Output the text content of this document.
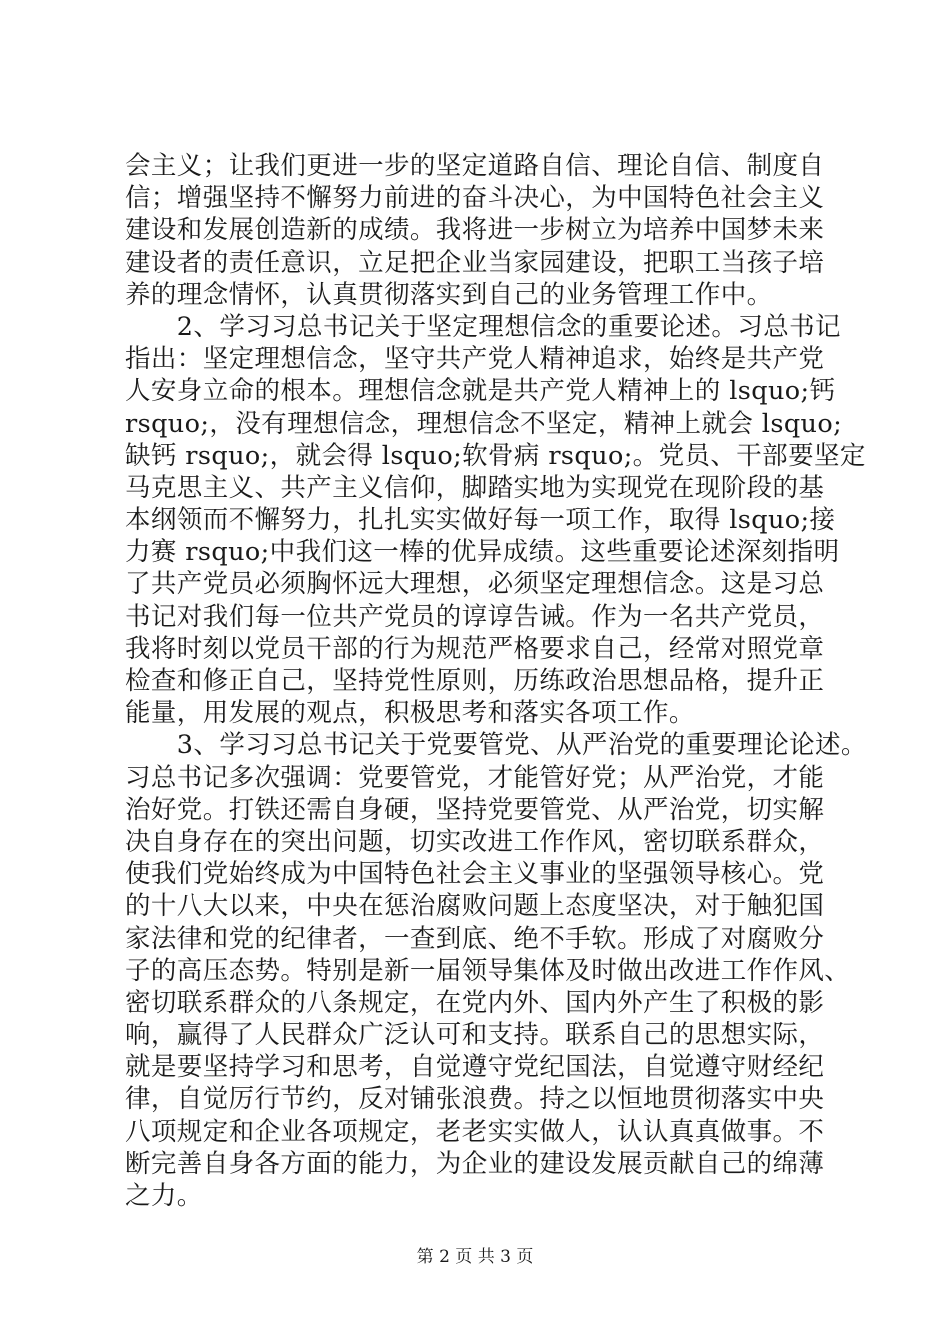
会主义；让我们更进一步的坚定道路自信、理论自信、制度自
信；增强坚持不懈努力前进的奋斗决心，为中国特色社会主义
建设和发展创造新的成绩。我将进一步树立为培养中国梦未来
建设者的责任意识，立足把企业当家园建设，把职工当孩子培
养的理念情怀，认真贯彻落实到自己的业务管理工作中。
　　2、学习习总书记关于坚定理想信念的重要论述。习总书记
指出：坚定理想信念，坚守共产党人精神追求，始终是共产党
人安身立命的根本。理想信念就是共产党人精神上的 lsquo;钙
rsquo;，没有理想信念，理想信念不坚定，精神上就会 lsquo;
缺钙 rsquo;，就会得 lsquo;软骨病 rsquo;。党员、干部要坚定
马克思主义、共产主义信仰，脚踏实地为实现党在现阶段的基
本纲领而不懈努力，扎扎实实做好每一项工作，取得 lsquo;接
力赛 rsquo;中我们这一棒的优异成绩。这些重要论述深刻指明
了共产党员必须胸怀远大理想，必须坚定理想信念。这是习总
书记对我们每一位共产党员的谆谆告诫。作为一名共产党员，
我将时刻以党员干部的行为规范严格要求自己，经常对照党章
检查和修正自己，坚持党性原则，历练政治思想品格，提升正
能量，用发展的观点，积极思考和落实各项工作。
　　3、学习习总书记关于党要管党、从严治党的重要理论论述。
习总书记多次强调：党要管党，才能管好党；从严治党，才能
治好党。打铁还需自身硬，坚持党要管党、从严治党，切实解
决自身存在的突出问题，切实改进工作作风，密切联系群众，
使我们党始终成为中国特色社会主义事业的坚强领导核心。党
的十八大以来，中央在惩治腐败问题上态度坚决，对于触犯国
家法律和党的纪律者，一查到底、绝不手软。形成了对腐败分
子的高压态势。特别是新一届领导集体及时做出改进工作作风、
密切联系群众的八条规定，在党内外、国内外产生了积极的影
响，赢得了人民群众广泛认可和支持。联系自己的思想实际，
就是要坚持学习和思考，自觉遵守党纪国法，自觉遵守财经纪
律，自觉厉行节约，反对铺张浪费。持之以恒地贯彻落实中央
八项规定和企业各项规定，老老实实做人，认认真真做事。不
断完善自身各方面的能力，为企业的建设发展贡献自己的绵薄
之力。
第 2 页 共 3 页
